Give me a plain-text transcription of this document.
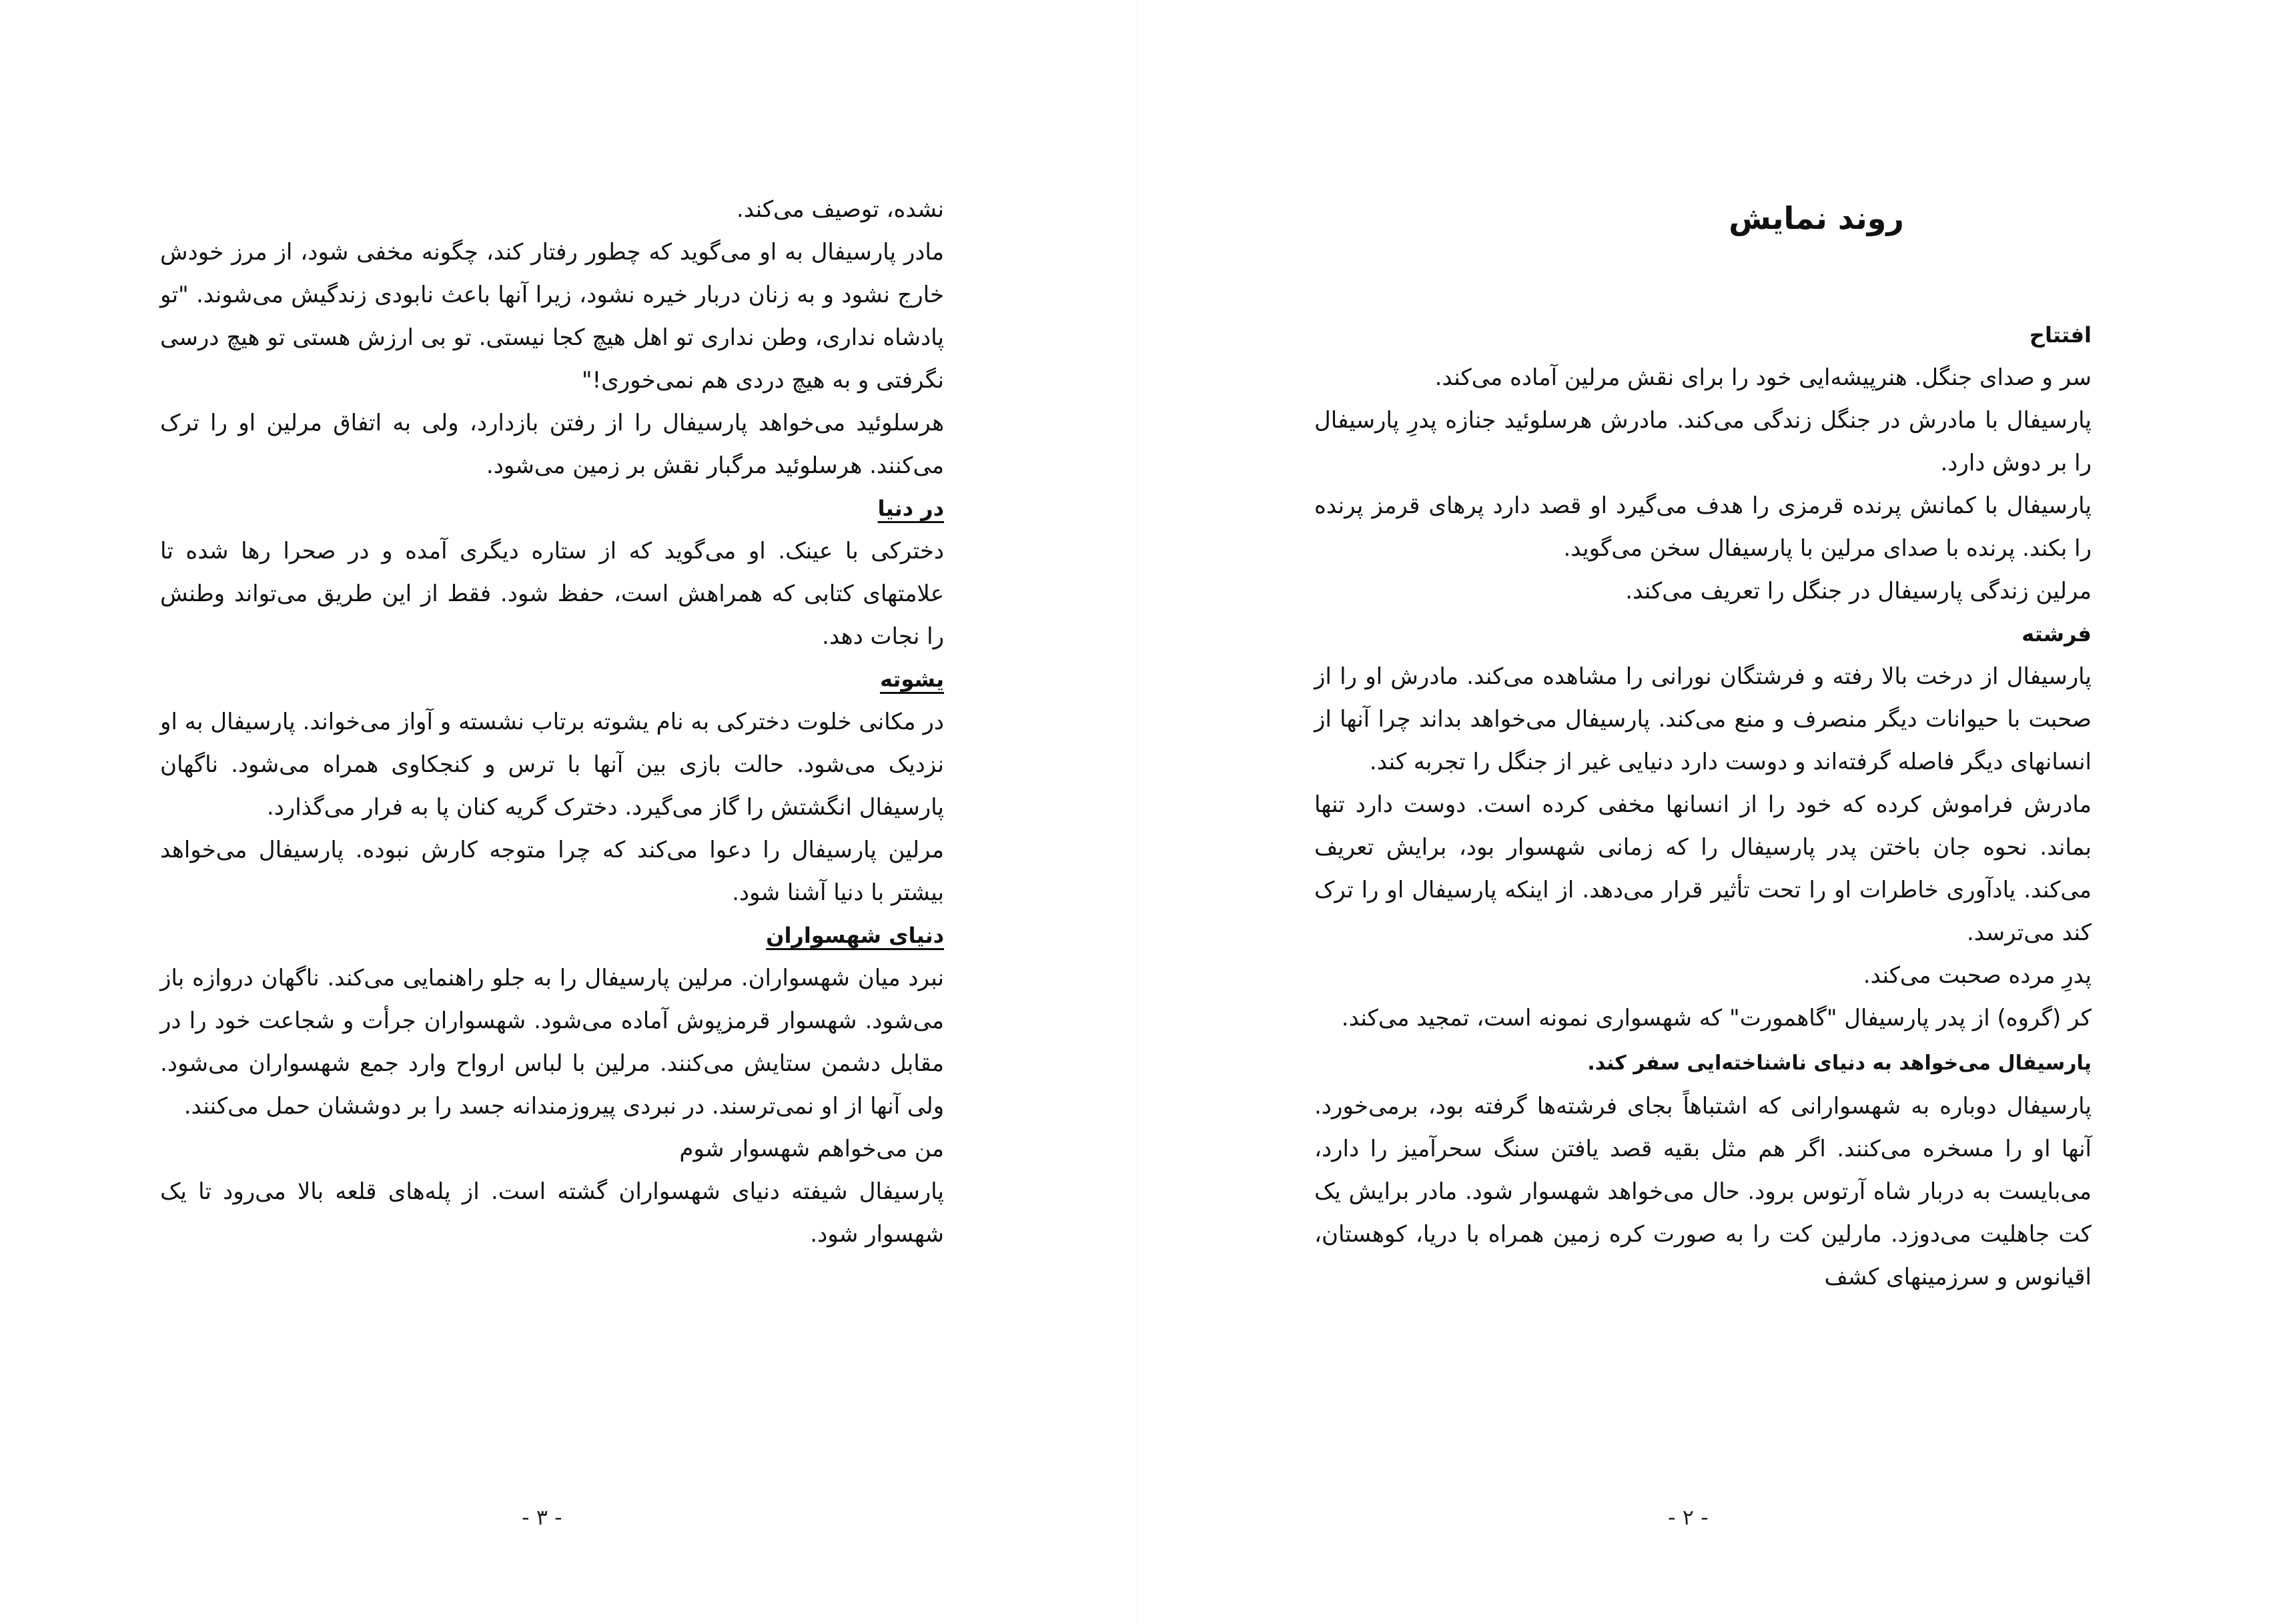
نشده، توصیف می‌کند.

مادر پارسیفال به او می‌گوید که چطور رفتار کند، چگونه مخفی شود، از مرز خودش خارج نشود و به زنان دربار خیره نشود، زیرا آنها باعث نابودی زندگیش می‌شوند. "تو پادشاه نداری، وطن نداری تو اهل هیچ کجا نیستی. تو بی ارزش هستی تو هیچ درسی نگرفتی و به هیچ دردی هم نمی‌خوری!"

هرسلوئید می‌خواهد پارسیفال را از رفتن بازدارد، ولی به اتفاق مرلین او را ترک می‌کنند. هرسلوئید مرگبار نقش بر زمین می‌شود.

در دنیا

دخترکی با عینک. او می‌گوید که از ستاره دیگری آمده و در صحرا رها شده تا علامتهای کتابی که همراهش است، حفظ شود. فقط از این طریق می‌تواند وطنش را نجات دهد.

یشوته

در مکانی خلوت دخترکی به نام یشوته برتاب نشسته و آواز می‌خواند. پارسیفال به او نزدیک می‌شود. حالت بازی بین آنها با ترس و کنجکاوی همراه می‌شود. ناگهان پارسیفال انگشتش را گاز می‌گیرد. دخترک گریه کنان پا به فرار می‌گذارد.

مرلین پارسیفال را دعوا می‌کند که چرا متوجه کارش نبوده. پارسیفال می‌خواهد بیشتر با دنیا آشنا شود.

دنیای شهسواران

نبرد میان شهسواران. مرلین پارسیفال را به جلو راهنمایی می‌کند. ناگهان دروازه باز می‌شود. شهسوار قرمزپوش آماده می‌شود. شهسواران جرأت و شجاعت خود را در مقابل دشمن ستایش می‌کنند. مرلین با لباس ارواح وارد جمع شهسواران می‌شود. ولی آنها از او نمی‌ترسند. در نبردی پیروزمندانه جسد را بر دوششان حمل می‌کنند.

من می‌خواهم شهسوار شوم

پارسیفال شیفته دنیای شهسواران گشته است. از پله‌های قلعه بالا می‌رود تا یک شهسوار شود.

- ۳ -
روند نمایش
افتتاح

سر و صدای جنگل. هنرپیشه‌ایی خود را برای نقش مرلین آماده می‌کند.

پارسیفال با مادرش در جنگل زندگی می‌کند. مادرش هرسلوئید جنازه پدرِ پارسیفال را بر دوش دارد.

پارسیفال با کمانش پرنده قرمزی را هدف می‌گیرد او قصد دارد پرهای قرمز پرنده را بکند. پرنده با صدای مرلین با پارسیفال سخن می‌گوید.

مرلین زندگی پارسیفال در جنگل را تعریف می‌کند.

فرشته

پارسیفال از درخت بالا رفته و فرشتگان نورانی را مشاهده می‌کند. مادرش او را از صحبت با حیوانات دیگر منصرف و منع می‌کند. پارسیفال می‌خواهد بداند چرا آنها از انسانهای دیگر فاصله گرفته‌اند و دوست دارد دنیایی غیر از جنگل را تجربه کند.

مادرش فراموش کرده که خود را از انسانها مخفی کرده است. دوست دارد تنها بماند. نحوه جان باختن پدر پارسیفال را که زمانی شهسوار بود، برایش تعریف می‌کند. یادآوری خاطرات او را تحت تأثیر قرار می‌دهد. از اینکه پارسیفال او را ترک کند می‌ترسد.

پدرِ مرده صحبت می‌کند.

کر (گروه) از پدر پارسیفال "گاهمورت" که شهسواری نمونه است، تمجید می‌کند.

پارسیفال می‌خواهد به دنیای ناشناخته‌ایی سفر کند.

پارسیفال دوباره به شهسوارانی که اشتباهاً بجای فرشته‌ها گرفته بود، برمی‌خورد. آنها او را مسخره می‌کنند. اگر هم مثل بقیه قصد یافتن سنگ سحرآمیز را دارد، می‌بایست به دربار شاه آرتوس برود. حال می‌خواهد شهسوار شود. مادر برایش یک کت جاهلیت می‌دوزد. مارلین کت را به صورت کره زمین همراه با دریا، کوهستان، اقیانوس و سرزمینهای کشف

- ۲ -
